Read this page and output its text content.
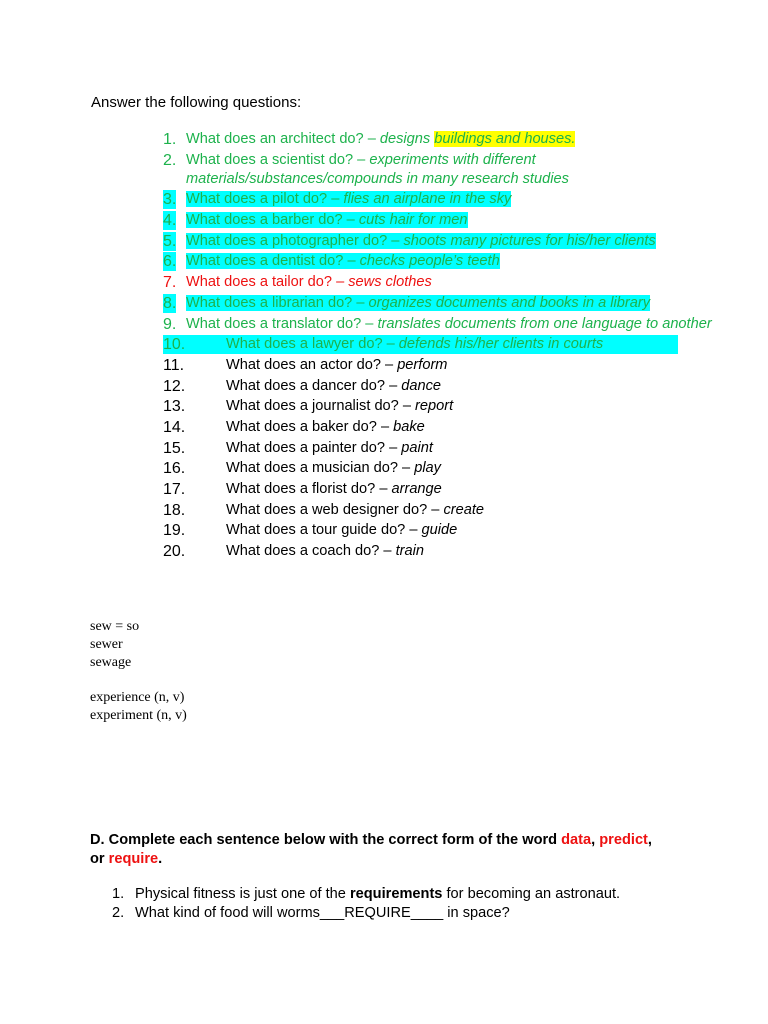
Answer the following questions:
1. What does an architect do? – designs buildings and houses.
2. What does a scientist do? – experiments with different materials/substances/compounds in many research studies
3. What does a pilot do? – flies an airplane in the sky
4. What does a barber do? – cuts hair for men
5. What does a photographer do? – shoots many pictures for his/her clients
6. What does a dentist do? – checks people’s teeth
7. What does a tailor do? – sews clothes
8. What does a librarian do? – organizes documents and books in a library
9. What does a translator do? – translates documents from one language to another
10.	What does a lawyer do? – defends his/her clients in courts
11.	What does an actor do? – perform
12.	What does a dancer do? – dance
13.	What does a journalist do? – report
14.	What does a baker do? – bake
15.	What does a painter do? – paint
16.	What does a musician do? – play
17.	What does a florist do? – arrange
18.	What does a web designer do? – create
19.	What does a tour guide do? – guide
20.	What does a coach do? – train
sew = so
sewer
sewage
experience (n, v)
experiment (n, v)
D. Complete each sentence below with the correct form of the word data, predict,
or require.
1. Physical fitness is just one of the requirements for becoming an astronaut.
2. What kind of food will worms___REQUIRE____ in space?
